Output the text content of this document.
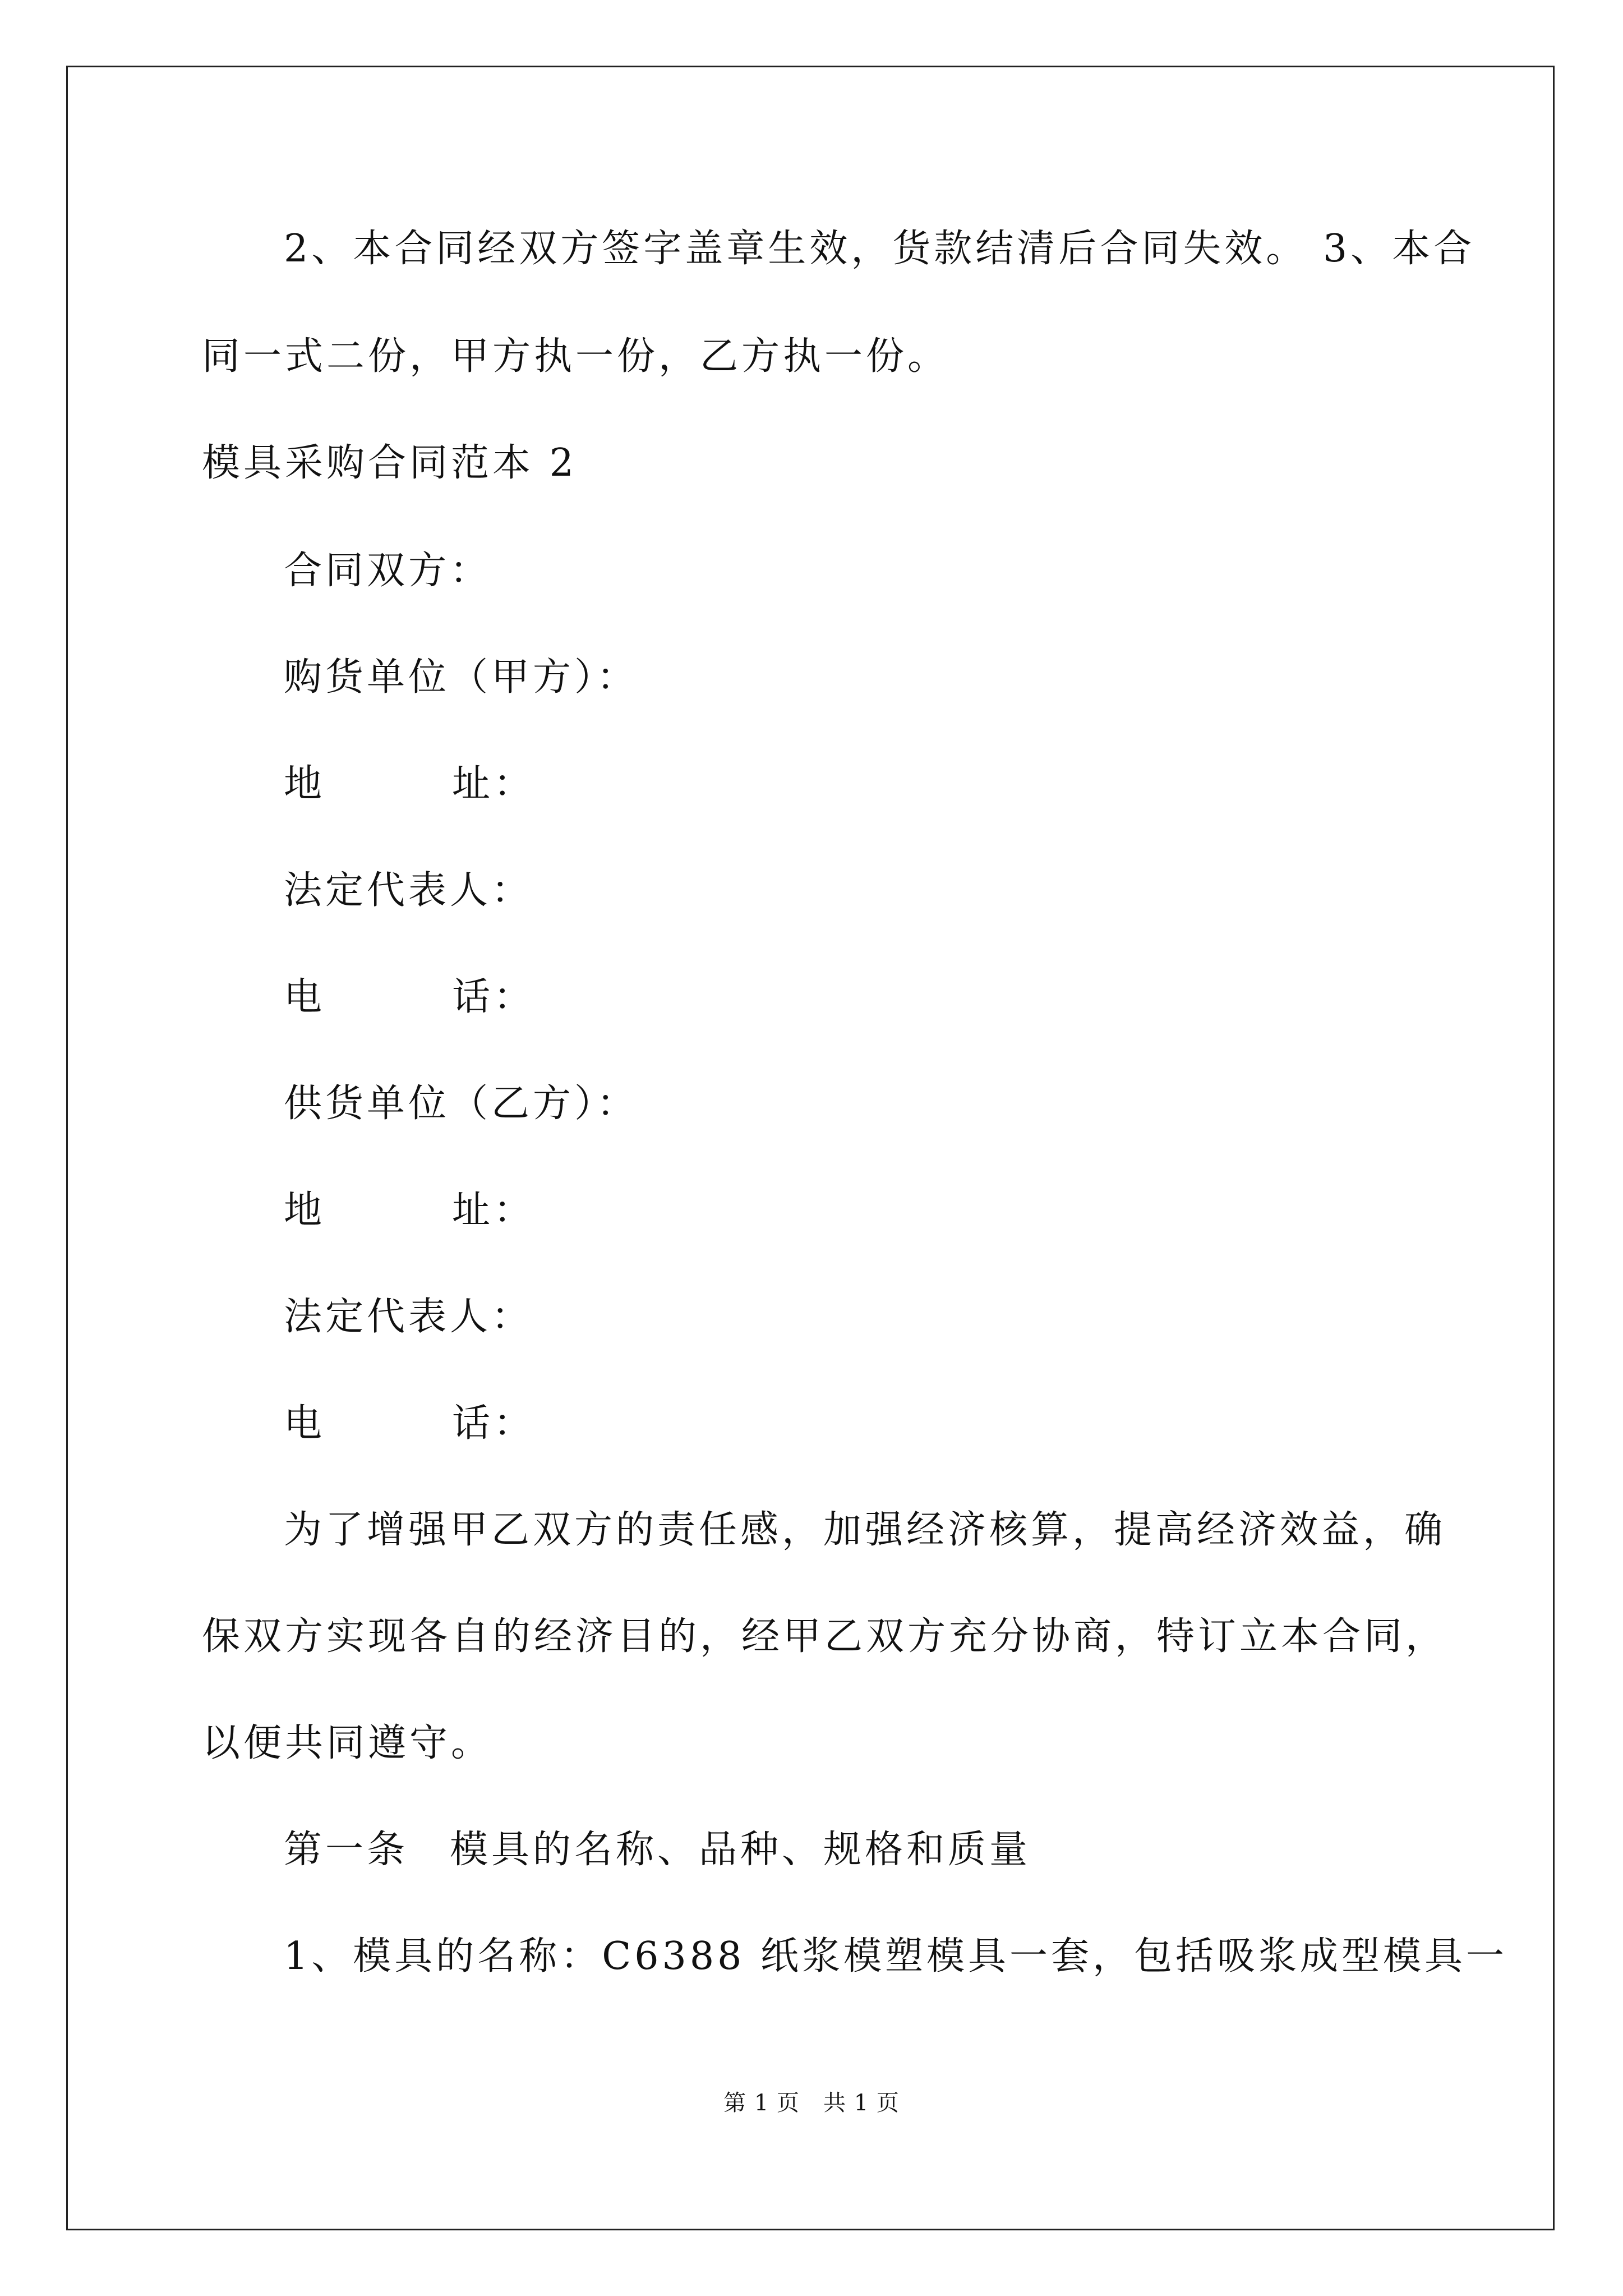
2、本合同经双方签字盖章生效，货款结清后合同失效。 3、本合
同一式二份，甲方执一份，乙方执一份。
模具采购合同范本 2
合同双方：
购货单位（甲方）：
地	址：
法定代表人：
电	话：
供货单位（乙方）：
地	址：
法定代表人：
电	话：
为了增强甲乙双方的责任感，加强经济核算，提高经济效益，确
保双方实现各自的经济目的，经甲乙双方充分协商，特订立本合同，
以便共同遵守。
第一条　模具的名称、品种、规格和质量
1、模具的名称：C6388 纸浆模塑模具一套，包括吸浆成型模具一
第 1 页 共 1 页
